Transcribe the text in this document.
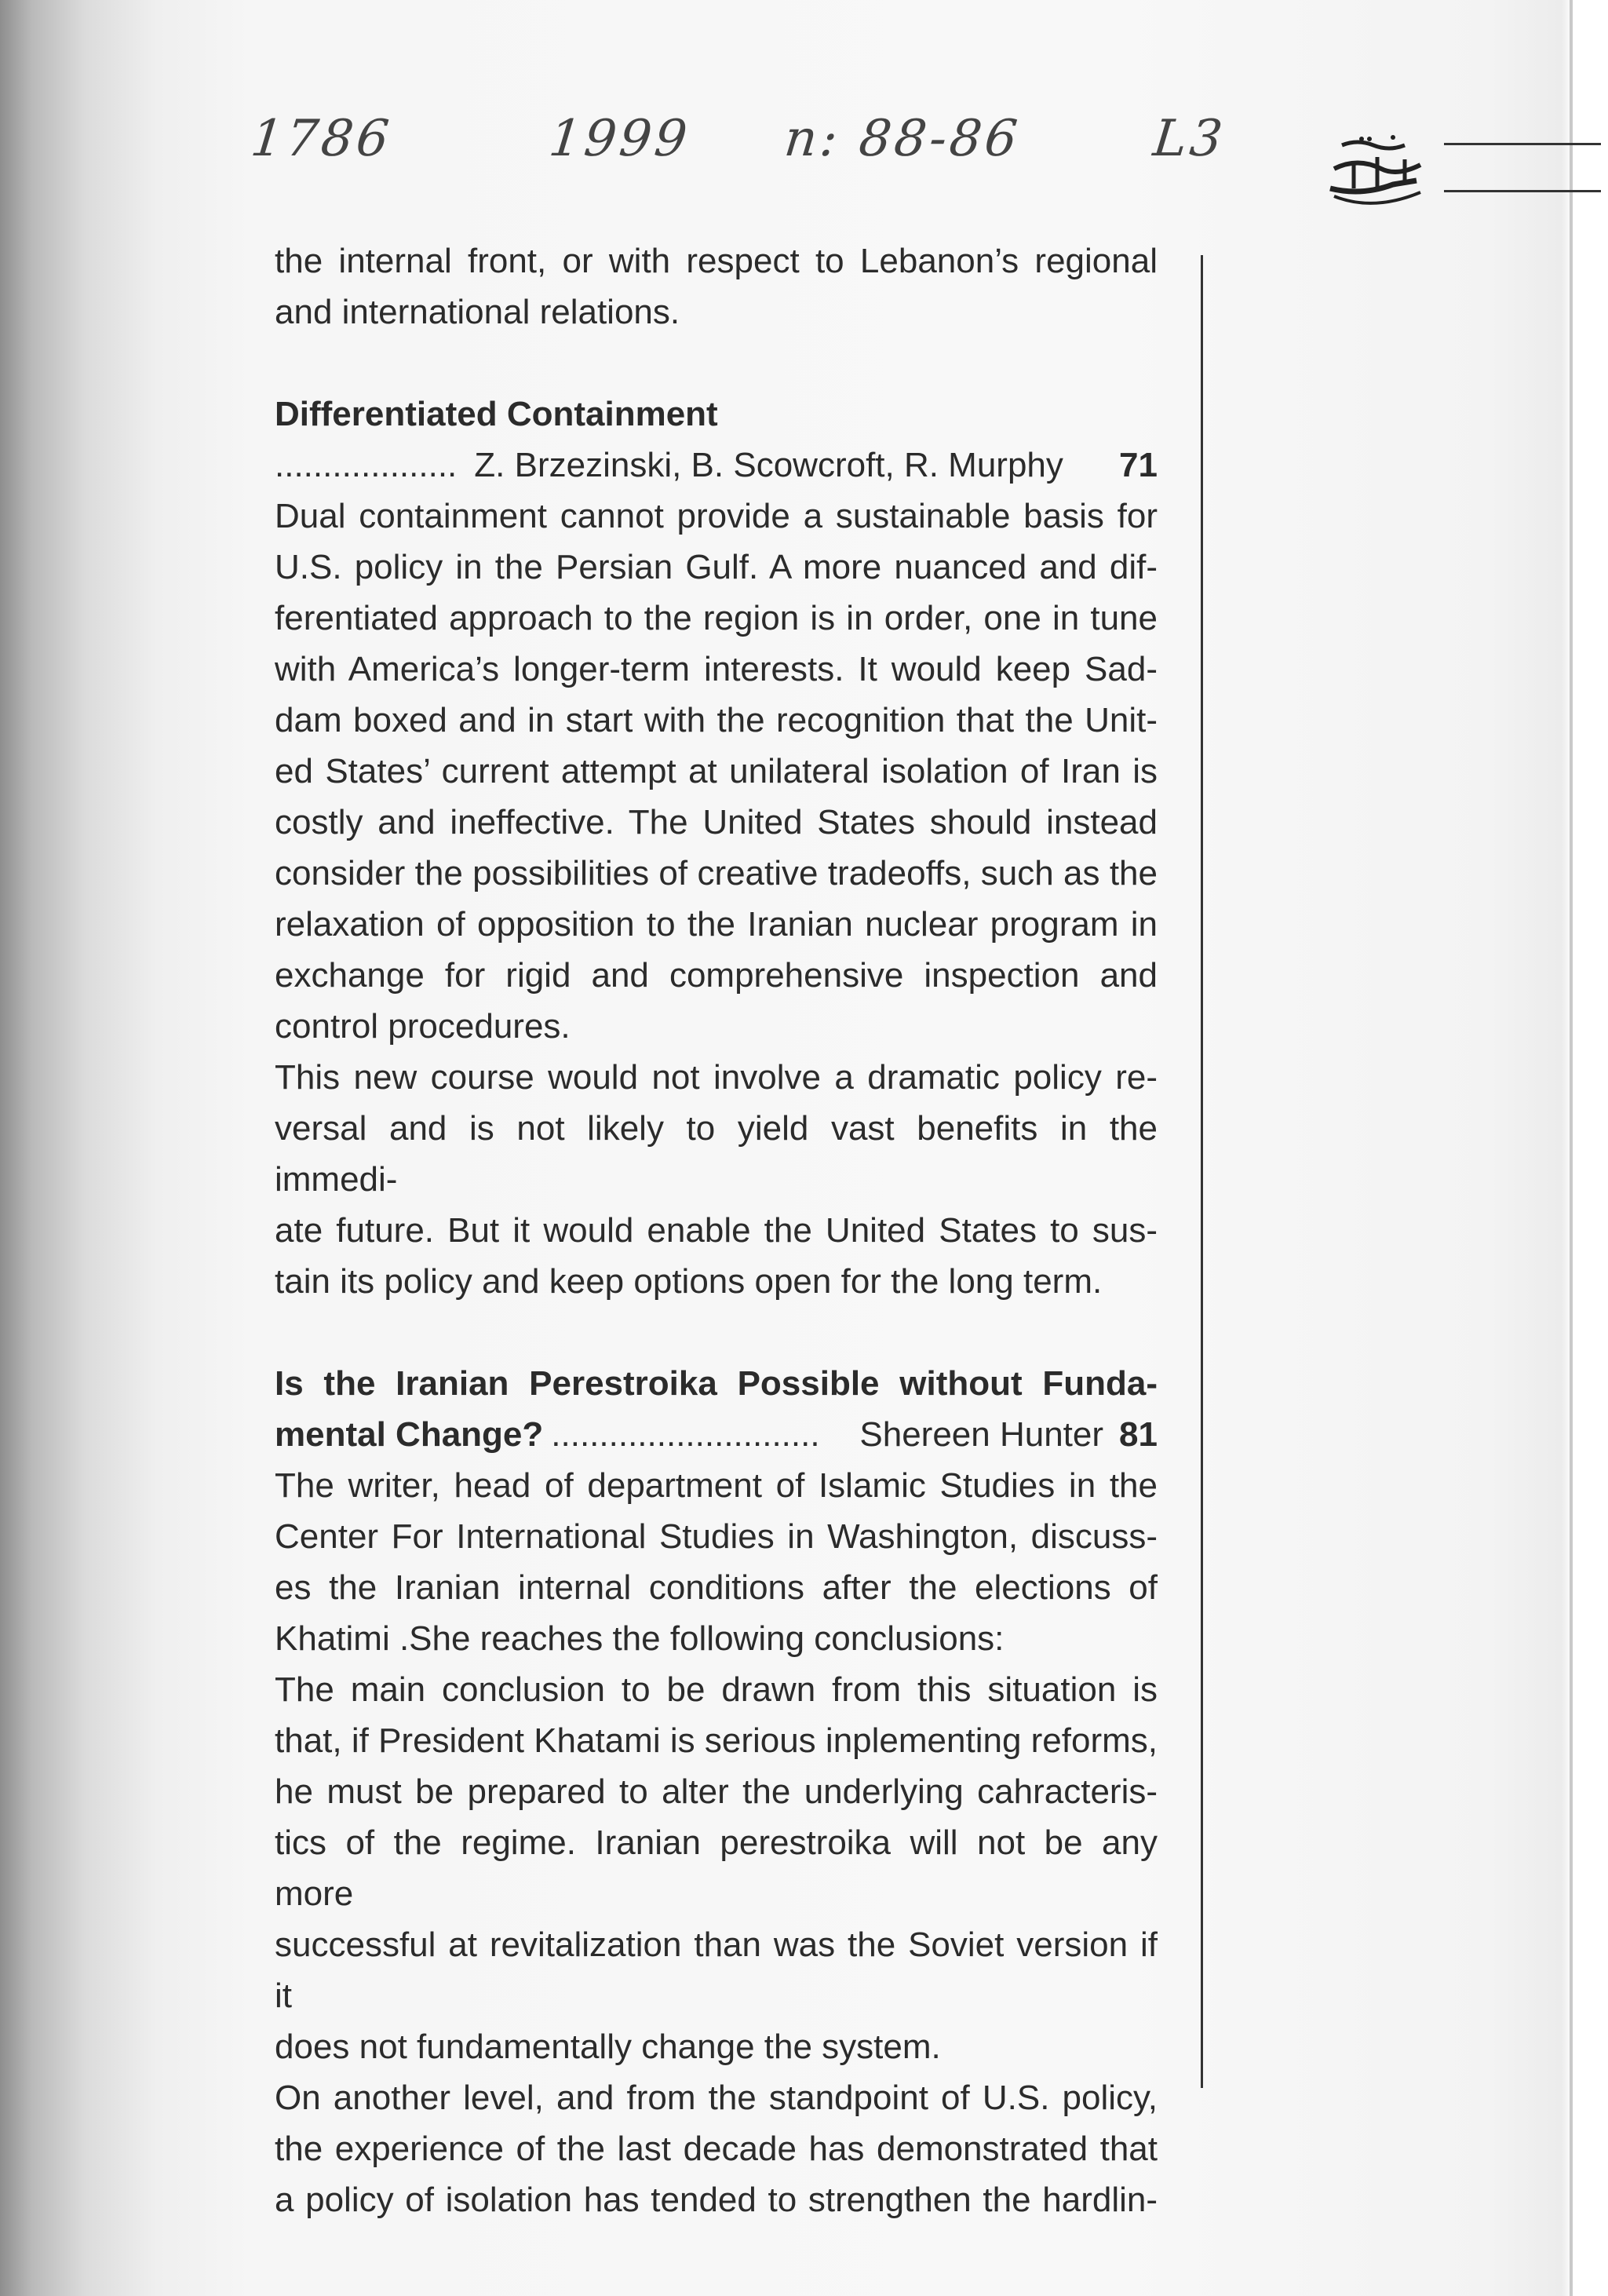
1786	1999 n: 88-86	L3
the internal front, or with respect to Lebanon’s regional
and international relations.

Differentiated Containment

................... Z. Brzezinski, B. Scowcroft, R. Murphy	71
Dual containment cannot provide a sustainable basis for
U.S. policy in the Persian Gulf. A more nuanced and dif-
ferentiated approach to the region is in order, one in tune
with America’s longer-term interests. It would keep Sad-
dam boxed and in start with the recognition that the Unit-
ed States’ current attempt at unilateral isolation of Iran is
costly and ineffective. The United States should instead
consider the possibilities of creative tradeoffs, such as the
relaxation of opposition to the Iranian nuclear program in
exchange for rigid and comprehensive inspection and
control procedures.
This new course would not involve a dramatic policy re-
versal and is not likely to yield vast benefits in the immedi-
ate future. But it would enable the United States to sus-
tain its policy and keep options open for the long term.
Is the Iranian Perestroika Possible without Funda-
mental Change? ............................	Shereen Hunter 81
The writer, head of department of Islamic Studies in the
Center For International Studies in Washington, discuss-
es the Iranian internal conditions after the elections of
Khatimi .She reaches the following conclusions:
The main conclusion to be drawn from this situation is
that, if President Khatami is serious inplementing reforms,
he must be prepared to alter the underlying cahracteris-
tics of the regime. Iranian perestroika will not be any more
successful at revitalization than was the Soviet version if it
does not fundamentally change the system.
On another level, and from the standpoint of U.S. policy,
the experience of the last decade has demonstrated that
a policy of isolation has tended to strengthen the hardlin-
